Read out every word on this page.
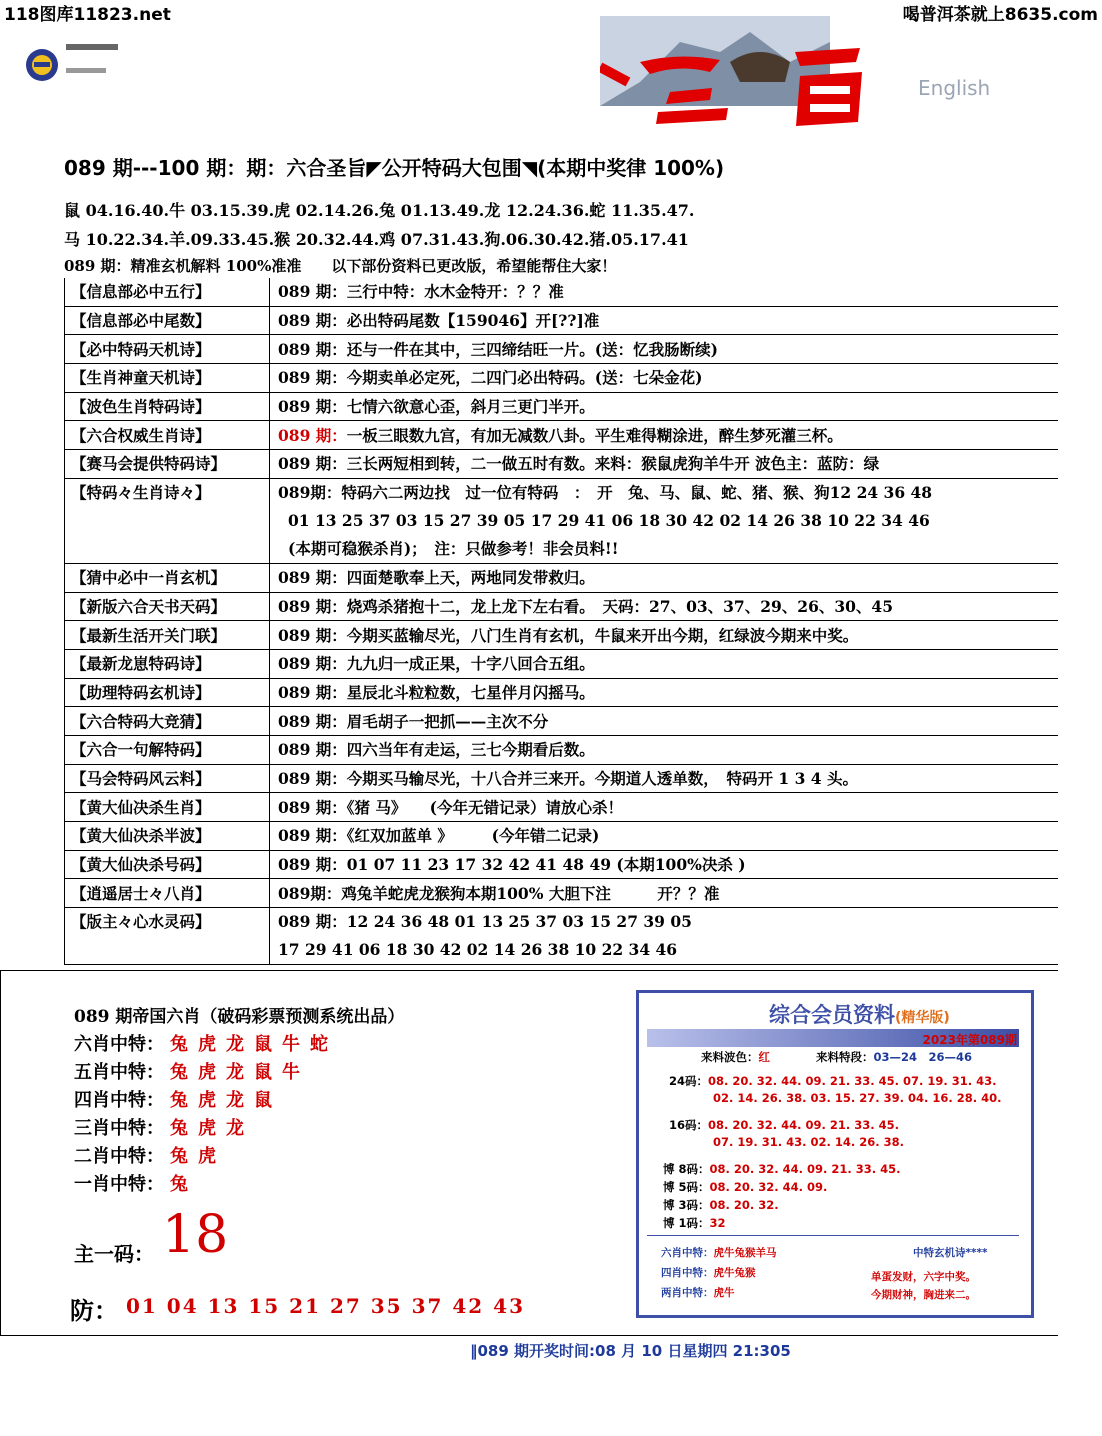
118图库11823.net	喝普洱茶就上8635.com
English
089 期---100 期：期：六合圣旨◤公开特码大包围◥(本期中奖律 100%)
鼠 04.16.40.牛 03.15.39.虎 02.14.26.兔 01.13.49.龙 12.24.36.蛇 11.35.47.
马 10.22.34.羊.09.33.45.猴 20.32.44.鸡 07.31.43.狗.06.30.42.猪.05.17.41
089 期：精准玄机解料 100%准准　　以下部份资料已更改版，希望能帮住大家！
【信息部必中五行】	089 期：三行中特：水木金特开：？？准
【信息部必中尾数】	089 期：必出特码尾数【159046】开[??]准
【必中特码天机诗】	089 期：还与一件在其中，三四缔结旺一片。(送：忆我肠断续)
【生肖神童天机诗】	089 期：今期卖单必定死，二四门必出特码。(送：七朵金花)
【波色生肖特码诗】	089 期：七情六欲意心歪，斜月三更门半开。
【六合权威生肖诗】	089 期：一板三眼数九宫，有加无减数八卦。平生难得糊涂进，醉生梦死灌三杯。
【赛马会提供特码诗】	089 期：三长两短相到转，二一做五时有数。来料：猴鼠虎狗羊牛开 波色主：蓝防：绿
【特码々生肖诗々】	089期：特码六二两边找　过一位有特码　：　开　兔、马、鼠、蛇、猪、猴、狗12 24 36 48
01 13 25 37 03 15 27 39 05 17 29 41 06 18 30 42 02 14 26 38 10 22 34 46
(本期可稳猴杀肖)；　注：只做参考！非会员料!!

【猜中必中一肖玄机】	089 期：四面楚歌奉上天，两地同发带救归。
【新版六合天书天码】	089 期：烧鸡杀猪抱十二，龙上龙下左右看。　天码：27、03、37、29、26、30、45
【最新生活开关门联】	089 期：今期买蓝输尽光，八门生肖有玄机，牛鼠来开出今期，红绿波今期来中奖。
【最新龙崽特码诗】	089 期：九九归一成正果，十字八回合五组。
【助理特码玄机诗】	089 期：星辰北斗粒粒数，七星伴月闪摇马。
【六合特码大竞猜】	089 期：眉毛胡子一把抓——主次不分
【六合一句解特码】	089 期：四六当年有走运，三七今期看后数。
【马会特码风云料】	089 期：今期买马输尽光，十八合并三来开。今期道人透单数，　特码开 1 3 4 头。
【黄大仙决杀生肖】	089 期：《猪 马》　　(今年无错记录）请放心杀！
【黄大仙决杀半波】	089 期：《红双加蓝单 》　　　(今年错二记录)
【黄大仙决杀号码】	089 期：01 07 11 23 17 32 42 41 48 49 (本期100%决杀 )
【逍遥居士々八肖】	089期：鸡兔羊蛇虎龙猴狗本期100% 大胆下注　　　开？？准
【版主々心水灵码】	089 期：12 24 36 48 01 13 25 37 03 15 27 39 05
17 29 41 06 18 30 42 02 14 26 38 10 22 34 46
089 期帝国六肖（破码彩票预测系统出品）
六肖中特： 兔虎龙鼠牛蛇
五肖中特： 兔虎龙鼠牛
四肖中特： 兔虎龙鼠
三肖中特： 兔虎龙
二肖中特： 兔虎
一肖中特： 兔
主一码： 18
防： 01 04 13 15 21 27 35 37 42 43
综合会员资料(精华版)
2023年第089期
来料波色：红	来料特段：03—24　26—46
24码：08. 20. 32. 44. 09. 21. 33. 45. 07. 19. 31. 43.
02. 14. 26. 38. 03. 15. 27. 39. 04. 16. 28. 40.
16码：08. 20. 32. 44. 09. 21. 33. 45.
07. 19. 31. 43. 02. 14. 26. 38.
博 8码：08. 20. 32. 44. 09. 21. 33. 45.
博 5码：08. 20. 32. 44. 09.
博 3码：08. 20. 32.
博 1码：32
六肖中特：虎牛兔猴羊马
四肖中特：虎牛兔猴
两肖中特：虎牛
中特玄机诗****
单蛋发财，六字中奖。
今期财神，胸进来二。
‖089 期开奖时间:08 月 10 日星期四 21:305
